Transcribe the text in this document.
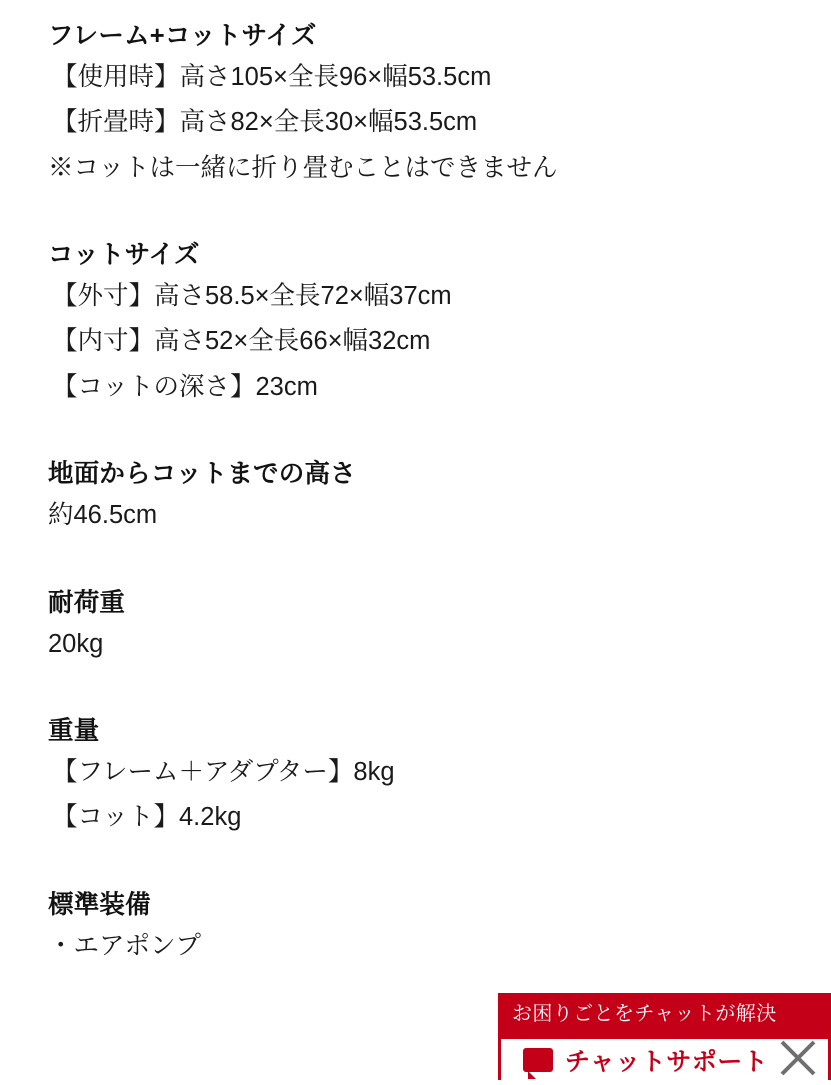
フレーム+コットサイズ
【使用時】高さ105×全長96×幅53.5cm
【折畳時】高さ82×全長30×幅53.5cm
※コットは一緒に折り畳むことはできません
コットサイズ
【外寸】高さ58.5×全長72×幅37cm
【内寸】高さ52×全長66×幅32cm
【コットの深さ】23cm
地面からコットまでの高さ
約46.5cm
耐荷重
20kg
重量
【フレーム＋アダプター】8kg
【コット】4.2kg
標準装備
・エアポンプ
お困りごとをチャットが解決
チャットサポート
